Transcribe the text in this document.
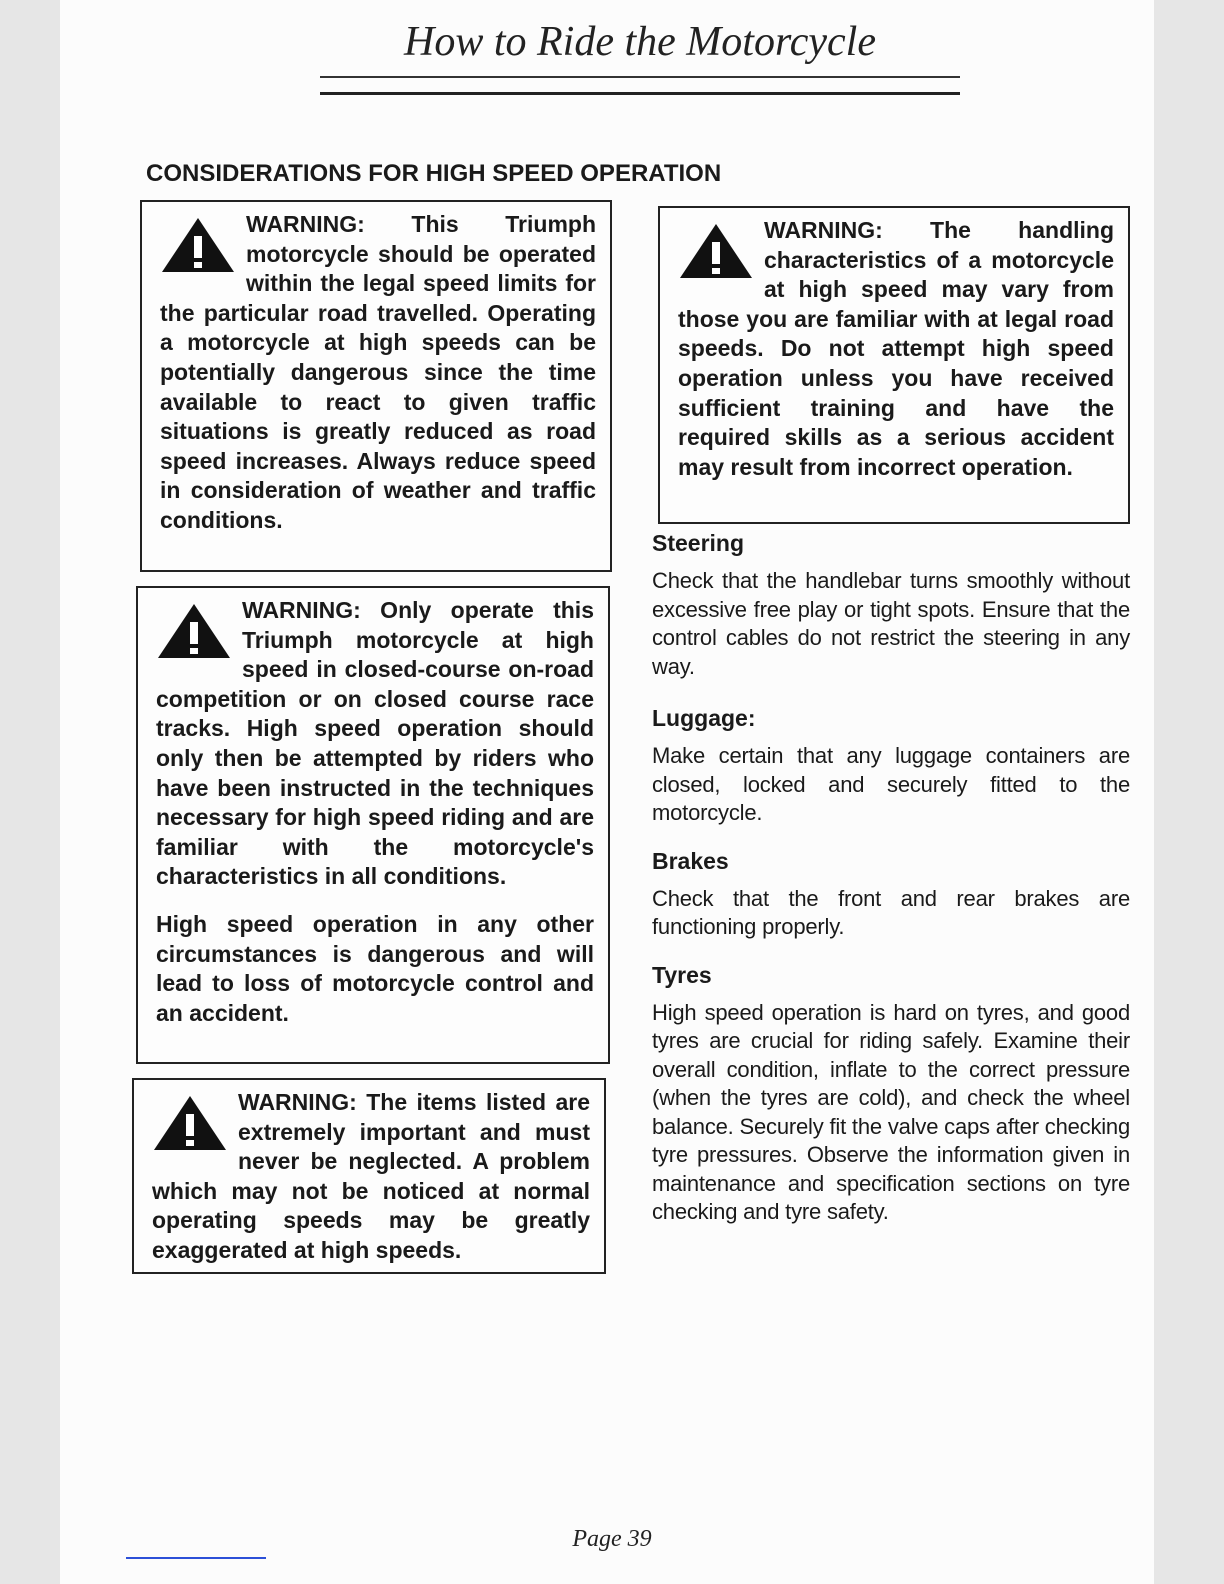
How to Ride the Motorcycle
CONSIDERATIONS FOR HIGH SPEED OPERATION

WARNING: This Triumph motorcycle should be operated within the legal speed limits for the particular road travelled. Operating a motorcycle at high speeds can be potentially dangerous since the time available to react to given traffic situations is greatly reduced as road speed increases. Always reduce speed in consideration of weather and traffic conditions.

WARNING: Only operate this Triumph motorcycle at high speed in closed-course on-road competition or on closed course race tracks. High speed operation should only then be attempted by riders who have been instructed in the techniques necessary for high speed riding and are familiar with the motorcycle's characteristics in all conditions.

High speed operation in any other circumstances is dangerous and will lead to loss of motorcycle control and an accident.

WARNING: The items listed are extremely important and must never be neglected. A problem which may not be noticed at normal operating speeds may be greatly exaggerated at high speeds.

WARNING: The handling characteristics of a motorcycle at high speed may vary from those you are familiar with at legal road speeds. Do not attempt high speed operation unless you have received sufficient training and have the required skills as a serious accident may result from incorrect operation.

Steering

Check that the handlebar turns smoothly without excessive free play or tight spots. Ensure that the control cables do not restrict the steering in any way.

Luggage:

Make certain that any luggage containers are closed, locked and securely fitted to the motorcycle.

Brakes

Check that the front and rear brakes are functioning properly.

Tyres

High speed operation is hard on tyres, and good tyres are crucial for riding safely. Examine their overall condition, inflate to the correct pressure (when the tyres are cold), and check the wheel balance. Securely fit the valve caps after checking tyre pressures. Observe the information given in maintenance and specification sections on tyre checking and tyre safety.

Page 39
